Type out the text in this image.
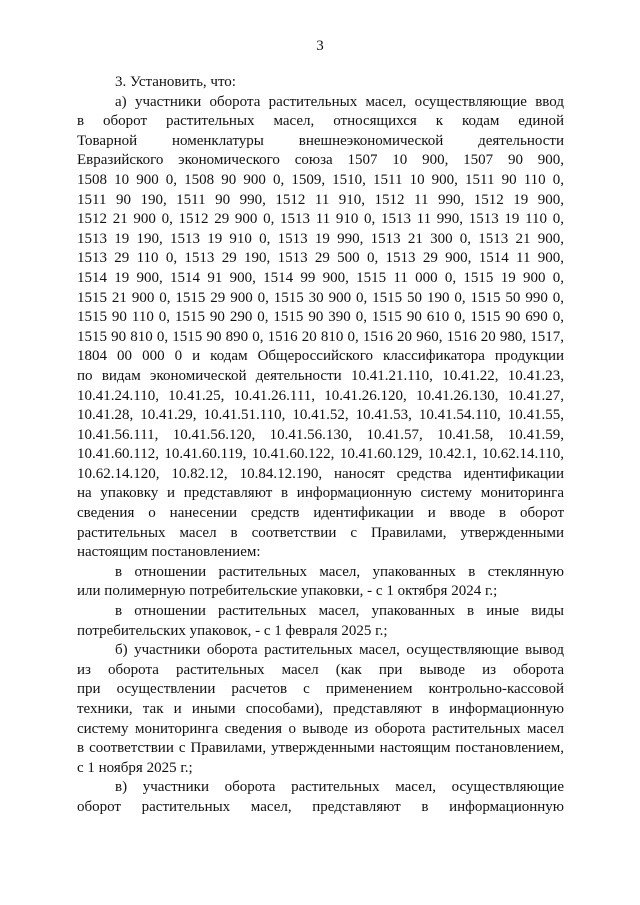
3
3. Установить, что:
а) участники оборота растительных масел, осуществляющие ввод
в оборот растительных масел, относящихся к кодам единой
Товарной номенклатуры внешнеэкономической деятельности
Евразийского экономического союза 1507 10 900, 1507 90 900,
1508 10 900 0, 1508 90 900 0, 1509, 1510, 1511 10 900, 1511 90 110 0,
1511 90 190, 1511 90 990, 1512 11 910, 1512 11 990, 1512 19 900,
1512 21 900 0, 1512 29 900 0, 1513 11 910 0, 1513 11 990, 1513 19 110 0,
1513 19 190, 1513 19 910 0, 1513 19 990, 1513 21 300 0, 1513 21 900,
1513 29 110 0, 1513 29 190, 1513 29 500 0, 1513 29 900, 1514 11 900,
1514 19 900, 1514 91 900, 1514 99 900, 1515 11 000 0, 1515 19 900 0,
1515 21 900 0, 1515 29 900 0, 1515 30 900 0, 1515 50 190 0, 1515 50 990 0,
1515 90 110 0, 1515 90 290 0, 1515 90 390 0, 1515 90 610 0, 1515 90 690 0,
1515 90 810 0, 1515 90 890 0, 1516 20 810 0, 1516 20 960, 1516 20 980, 1517,
1804 00 000 0 и кодам Общероссийского классификатора продукции
по видам экономической деятельности 10.41.21.110, 10.41.22, 10.41.23,
10.41.24.110, 10.41.25, 10.41.26.111, 10.41.26.120, 10.41.26.130, 10.41.27,
10.41.28, 10.41.29, 10.41.51.110, 10.41.52, 10.41.53, 10.41.54.110, 10.41.55,
10.41.56.111, 10.41.56.120, 10.41.56.130, 10.41.57, 10.41.58, 10.41.59,
10.41.60.112, 10.41.60.119, 10.41.60.122, 10.41.60.129, 10.42.1, 10.62.14.110,
10.62.14.120, 10.82.12, 10.84.12.190, наносят средства идентификации
на упаковку и представляют в информационную систему мониторинга
сведения о нанесении средств идентификации и вводе в оборот
растительных масел в соответствии с Правилами, утвержденными
настоящим постановлением:
в отношении растительных масел, упакованных в стеклянную
или полимерную потребительские упаковки, - с 1 октября 2024 г.;
в отношении растительных масел, упакованных в иные виды
потребительских упаковок, - с 1 февраля 2025 г.;
б) участники оборота растительных масел, осуществляющие вывод
из оборота растительных масел (как при выводе из оборота
при осуществлении расчетов с применением контрольно-кассовой
техники, так и иными способами), представляют в информационную
систему мониторинга сведения о выводе из оборота растительных масел
в соответствии с Правилами, утвержденными настоящим постановлением,
с 1 ноября 2025 г.;
в) участники оборота растительных масел, осуществляющие
оборот растительных масел, представляют в информационную
